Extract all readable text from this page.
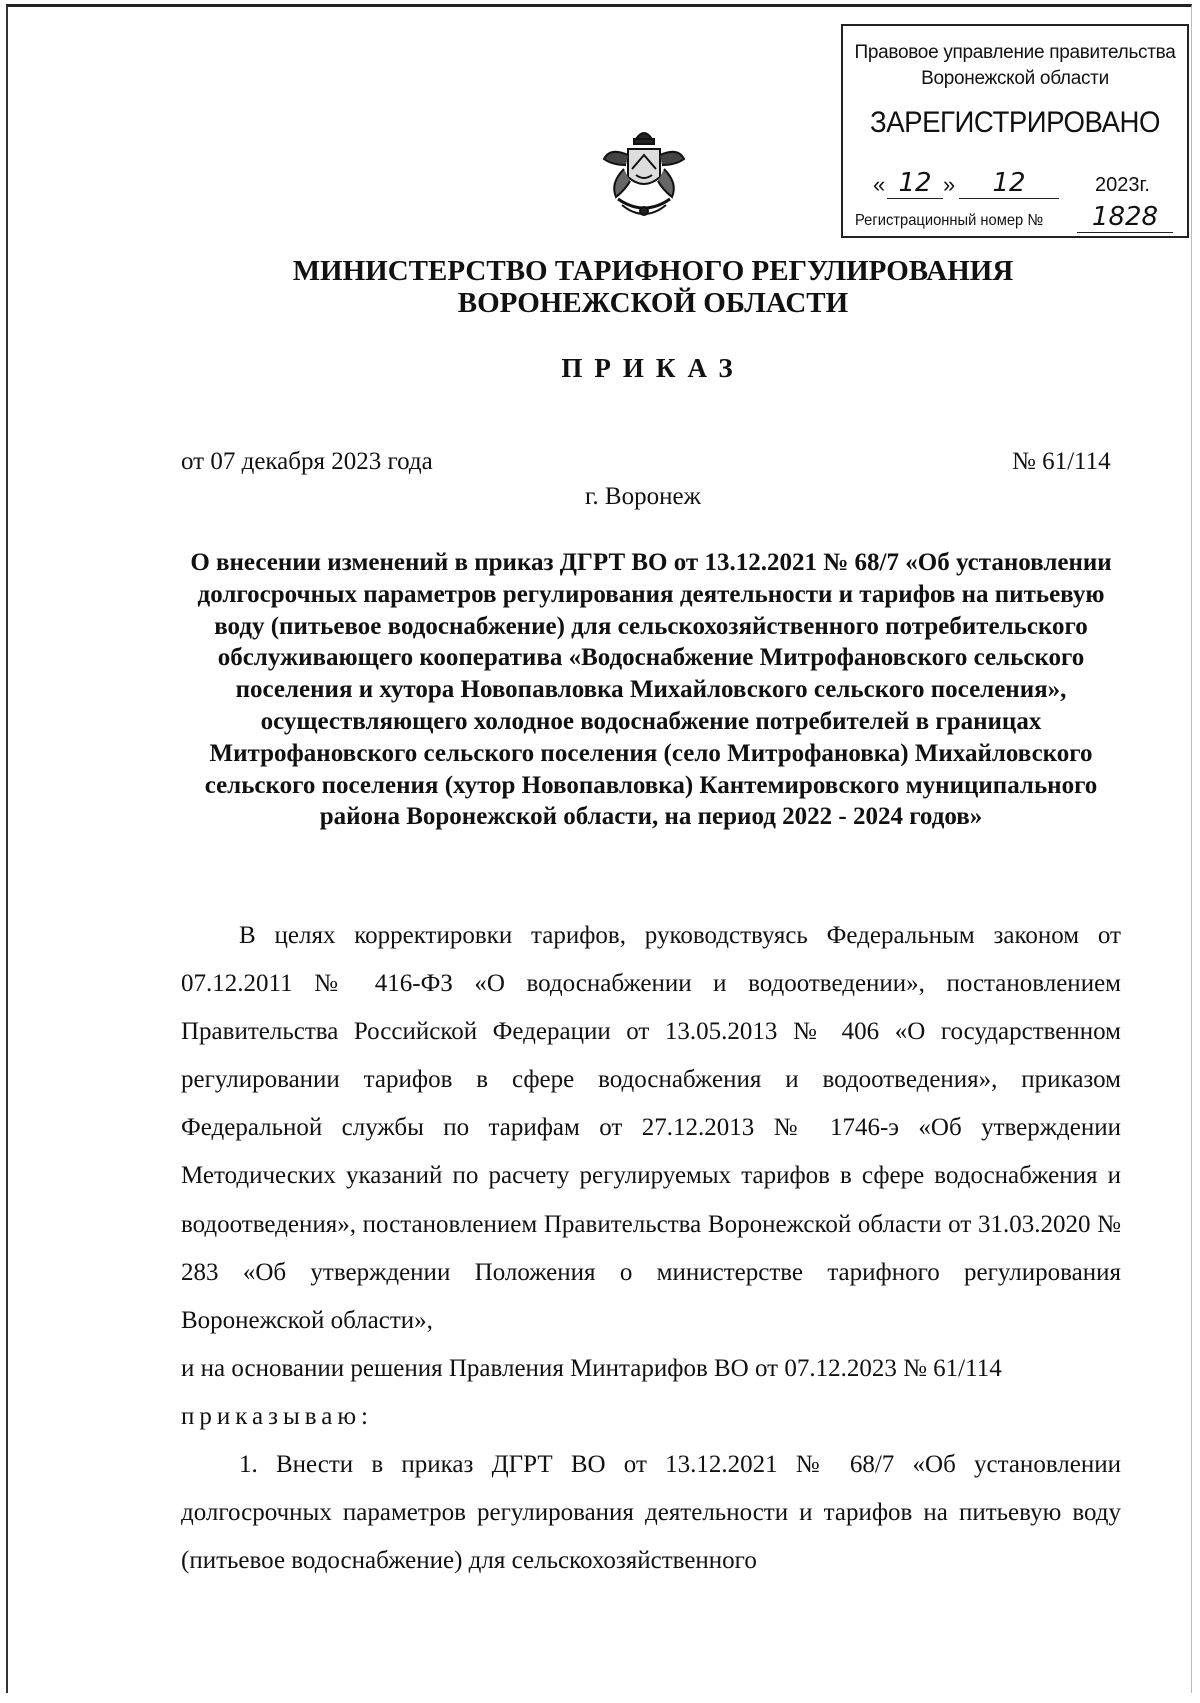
Правовое управление правительства
Воронежской области
ЗАРЕГИСТРИРОВАНО
« 12 »	12	2023г.
Регистрационный номер №	1828
МИНИСТЕРСТВО ТАРИФНОГО РЕГУЛИРОВАНИЯ
ВОРОНЕЖСКОЙ ОБЛАСТИ
ПРИКАЗ
от 07 декабря 2023 года	№ 61/114
г. Воронеж
О внесении изменений в приказ ДГРТ ВО от 13.12.2021 № 68/7 «Об установлении долгосрочных параметров регулирования деятельности и тарифов на питьевую воду (питьевое водоснабжение) для сельскохозяйственного потребительского обслуживающего кооператива «Водоснабжение Митрофановского сельского поселения и хутора Новопавловка Михайловского сельского поселения», осуществляющего холодное водоснабжение потребителей в границах Митрофановского сельского поселения (село Митрофановка) Михайловского сельского поселения (хутор Новопавловка) Кантемировского муниципального района Воронежской области, на период 2022 - 2024 годов»

В целях корректировки тарифов, руководствуясь Федеральным законом от 07.12.2011 № 416-ФЗ «О водоснабжении и водоотведении», постановлением Правительства Российской Федерации от 13.05.2013 № 406 «О государственном регулировании тарифов в сфере водоснабжения и водоотведения», приказом Федеральной службы по тарифам от 27.12.2013 № 1746-э «Об утверждении Методических указаний по расчету регулируемых тарифов в сфере водоснабжения и водоотведения», постановлением Правительства Воронежской области от 31.03.2020 № 283 «Об утверждении Положения о министерстве тарифного регулирования Воронежской области»,

и на основании решения Правления Минтарифов ВО от 07.12.2023 № 61/114
приказываю:

1. Внести в приказ ДГРТ ВО от 13.12.2021 № 68/7 «Об установлении долгосрочных параметров регулирования деятельности и тарифов на питьевую воду (питьевое водоснабжение) для сельскохозяйственного
